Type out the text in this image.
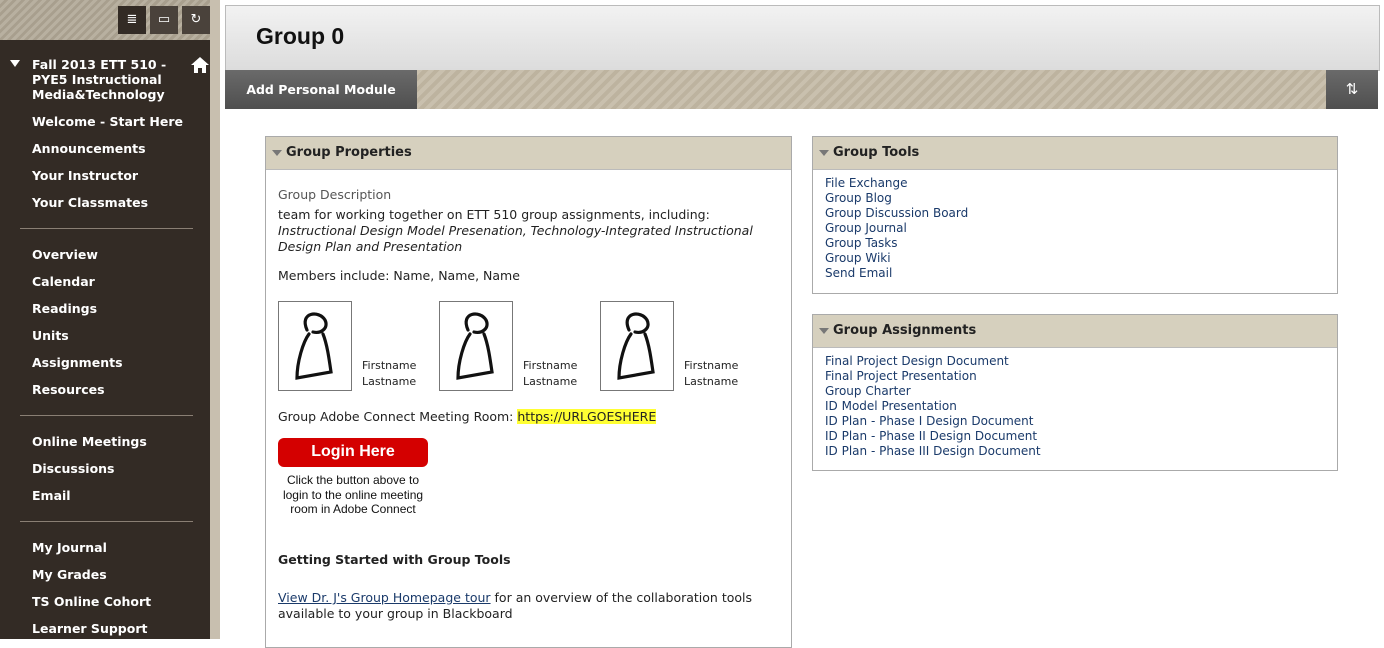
≣	▭	↻
Fall 2013 ETT 510 - PYE5 Instructional Media&Technology
Welcome - Start Here
Announcements
Your Instructor
Your Classmates
Overview
Calendar
Readings
Units
Assignments
Resources
Online Meetings
Discussions
Email
My Journal
My Grades
TS Online Cohort
Learner Support
Group 0
Add Personal Module	⇅
Group Properties
Group Description
team for working together on ETT 510 group assignments, including:
Instructional Design Model Presenation, Technology-Integrated Instructional Design Plan and Presentation
Members include: Name, Name, Name
Firstname
Lastname
Firstname
Lastname
Firstname
Lastname
Group Adobe Connect Meeting Room: https://URLGOESHERE
Login Here
Click the button above to login to the online meeting room in Adobe Connect
Getting Started with Group Tools
View Dr. J's Group Homepage tour for an overview of the collaboration tools available to your group in Blackboard
Group Tools
File Exchange
Group Blog
Group Discussion Board
Group Journal
Group Tasks
Group Wiki
Send Email
Group Assignments
Final Project Design Document
Final Project Presentation
Group Charter
ID Model Presentation
ID Plan - Phase I Design Document
ID Plan - Phase II Design Document
ID Plan - Phase III Design Document
